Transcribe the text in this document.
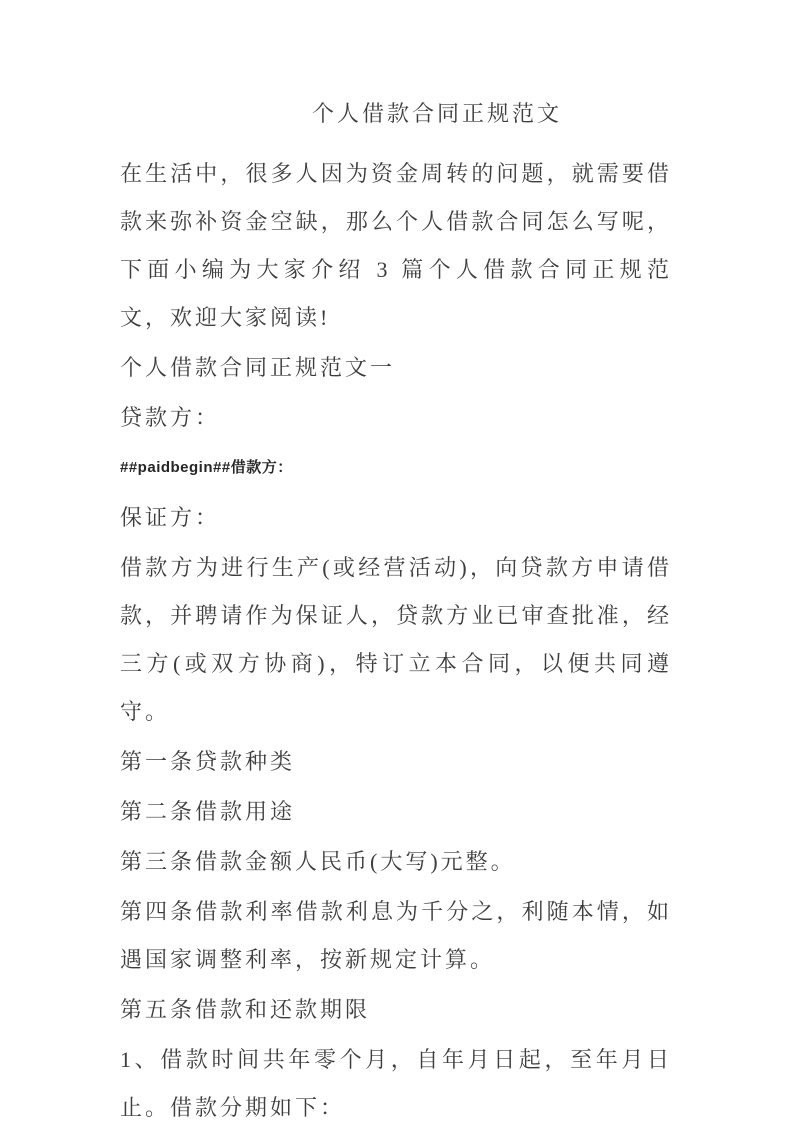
个人借款合同正规范文

在生活中，很多人因为资金周转的问题，就需要借款来弥补资金空缺，那么个人借款合同怎么写呢，下面小编为大家介绍 3 篇个人借款合同正规范文，欢迎大家阅读!

个人借款合同正规范文一

贷款方：

##paidbegin##借款方：

保证方：

借款方为进行生产(或经营活动)，向贷款方申请借款，并聘请作为保证人，贷款方业已审查批准，经三方(或双方协商)，特订立本合同，以便共同遵守。

第一条贷款种类

第二条借款用途

第三条借款金额人民币(大写)元整。

第四条借款利率借款利息为千分之，利随本情，如遇国家调整利率，按新规定计算。

第五条借款和还款期限

1、借款时间共年零个月，自年月日起，至年月日止。借款分期如下：
